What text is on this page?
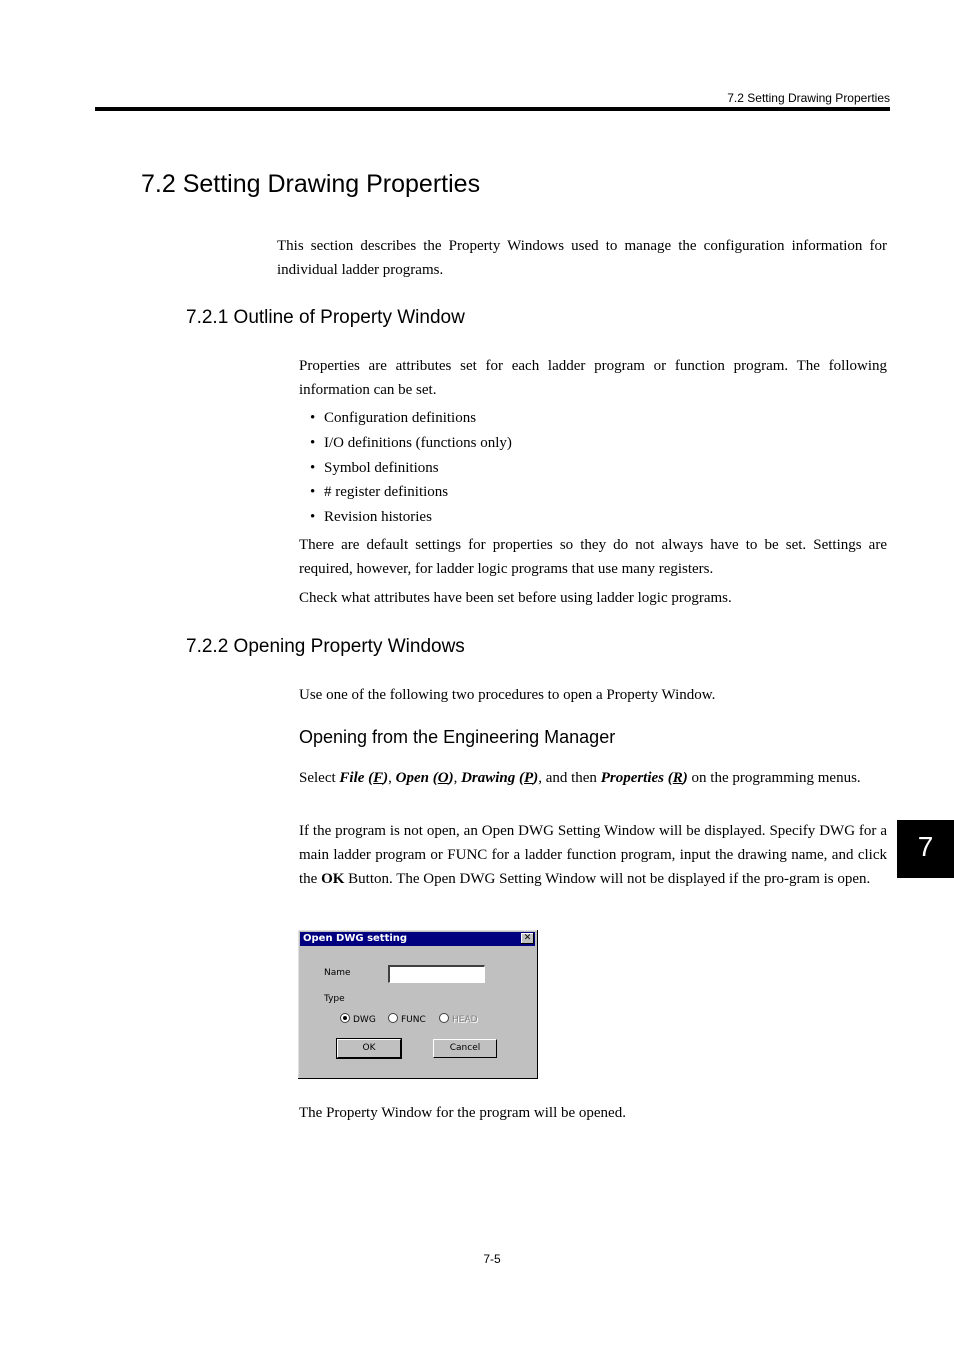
7.2 Setting Drawing Properties
7.2 Setting Drawing Properties
This section describes the Property Windows used to manage the configuration information for individual ladder programs.
7.2.1 Outline of Property Window
Properties are attributes set for each ladder program or function program. The following information can be set.
• Configuration definitions
• I/O definitions (functions only)
• Symbol definitions
• # register definitions
• Revision histories
There are default settings for properties so they do not always have to be set. Settings are required, however, for ladder logic programs that use many registers.
Check what attributes have been set before using ladder logic programs.
7.2.2 Opening Property Windows
Use one of the following two procedures to open a Property Window.
Opening from the Engineering Manager
Select File (F), Open (O), Drawing (P), and then Properties (R) on the programming menus.
If the program is not open, an Open DWG Setting Window will be displayed. Specify DWG for a main ladder program or FUNC for a ladder function program, input the drawing name, and click the OK Button. The Open DWG Setting Window will not be displayed if the pro-gram is open.
Open DWG setting	✕
Name
Type
DWG	FUNC	HEAD
OK	Cancel
The Property Window for the program will be opened.
7
7-5
